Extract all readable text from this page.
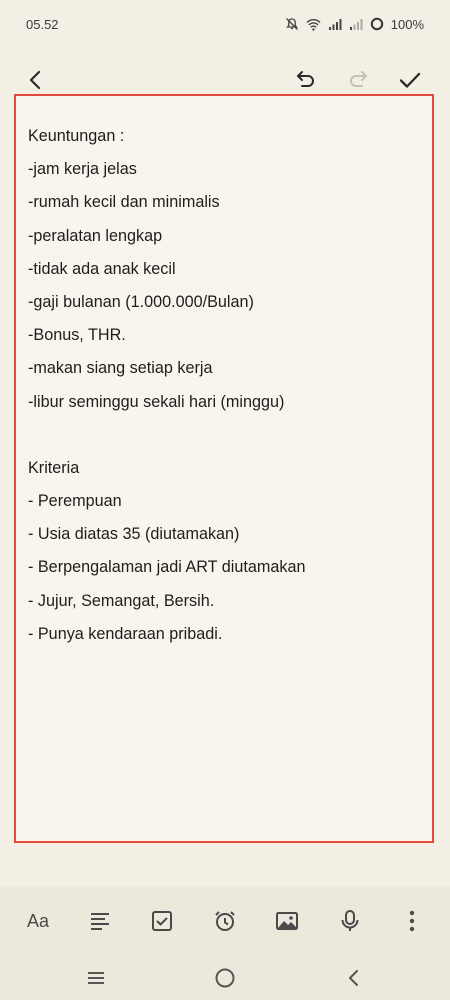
05.52	100%
Keuntungan :
-jam kerja jelas
-rumah kecil dan minimalis
-peralatan lengkap
-tidak ada anak kecil
-gaji bulanan (1.000.000/Bulan)
-Bonus, THR.
-makan siang setiap kerja
-libur seminggu sekali hari (minggu)
Kriteria
- Perempuan
- Usia diatas 35 (diutamakan)
- Berpengalaman jadi ART diutamakan
- Jujur, Semangat, Bersih.
- Punya kendaraan pribadi.
Aa
